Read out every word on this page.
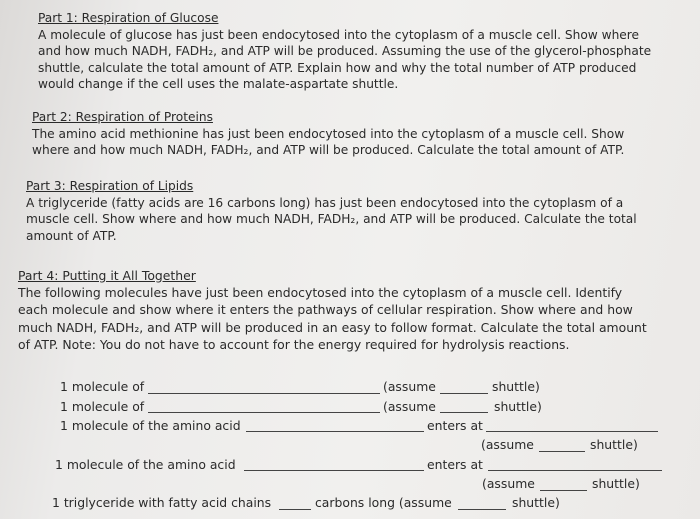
Part 1: Respiration of Glucose
A molecule of glucose has just been endocytosed into the cytoplasm of a muscle cell. Show where
and how much NADH, FADH₂, and ATP will be produced. Assuming the use of the glycerol-phosphate
shuttle, calculate the total amount of ATP. Explain how and why the total number of ATP produced
would change if the cell uses the malate-aspartate shuttle.
Part 2: Respiration of Proteins
The amino acid methionine has just been endocytosed into the cytoplasm of a muscle cell. Show
where and how much NADH, FADH₂, and ATP will be produced. Calculate the total amount of ATP.
Part 3: Respiration of Lipids
A triglyceride (fatty acids are 16 carbons long) has just been endocytosed into the cytoplasm of a
muscle cell. Show where and how much NADH, FADH₂, and ATP will be produced. Calculate the total
amount of ATP.
Part 4: Putting it All Together
The following molecules have just been endocytosed into the cytoplasm of a muscle cell. Identify
each molecule and show where it enters the pathways of cellular respiration. Show where and how
much NADH, FADH₂, and ATP will be produced in an easy to follow format. Calculate the total amount
of ATP. Note: You do not have to account for the energy required for hydrolysis reactions.
1 molecule of	(assume	shuttle)
1 molecule of	(assume	shuttle)
1 molecule of the amino acid	enters at
(assume	shuttle)
1 molecule of the amino acid	enters at
(assume	shuttle)
1 triglyceride with fatty acid chains	carbons long (assume	shuttle)
